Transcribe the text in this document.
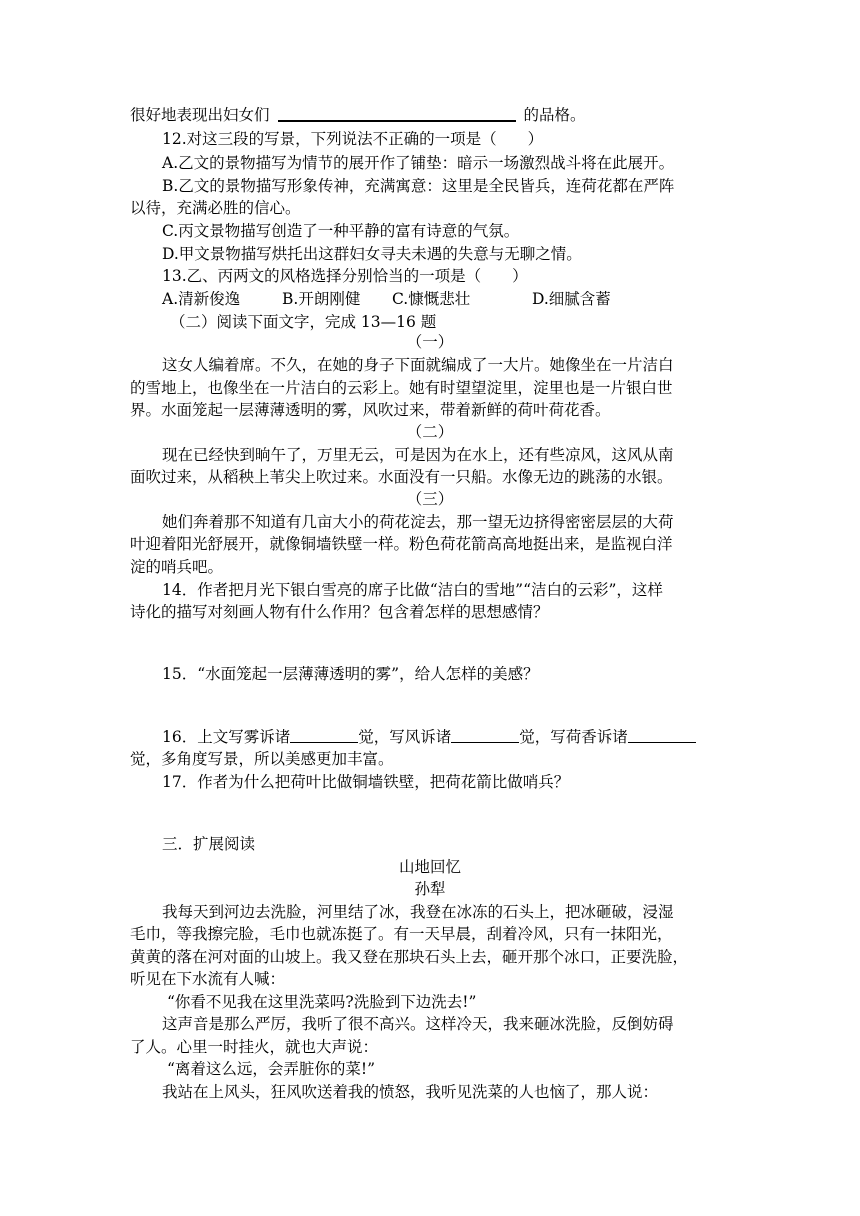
很好地表现出妇女们	的品格。
12.对这三段的写景，下列说法不正确的一项是（　　）
A.乙文的景物描写为情节的展开作了铺垫：暗示一场激烈战斗将在此展开。
B.乙文的景物描写形象传神，充满寓意：这里是全民皆兵，连荷花都在严阵
以待，充满必胜的信心。
C.丙文景物描写创造了一种平静的富有诗意的气氛。
D.甲文景物描写烘托出这群妇女寻夫未遇的失意与无聊之情。
13.乙、丙两文的风格选择分别恰当的一项是（　　）
A.清新俊逸	B.开朗刚健 C.慷慨悲壮	D.细腻含蓄
（二）阅读下面文字，完成 13—16 题
（一）
这女人编着席。不久，在她的身子下面就编成了一大片。她像坐在一片洁白
的雪地上，也像坐在一片洁白的云彩上。她有时望望淀里，淀里也是一片银白世
界。水面笼起一层薄薄透明的雾，风吹过来，带着新鲜的荷叶荷花香。
（二）
现在已经快到晌午了，万里无云，可是因为在水上，还有些凉风，这风从南
面吹过来，从稻秧上苇尖上吹过来。水面没有一只船。水像无边的跳荡的水银。
（三）
她们奔着那不知道有几亩大小的荷花淀去，那一望无边挤得密密层层的大荷
叶迎着阳光舒展开，就像铜墙铁壁一样。粉色荷花箭高高地挺出来，是监视白洋
淀的哨兵吧。
14．作者把月光下银白雪亮的席子比做“洁白的雪地”“洁白的云彩”，这样
诗化的描写对刻画人物有什么作用？包含着怎样的思想感情？
15．“水面笼起一层薄薄透明的雾”，给人怎样的美感？
16．上文写雾诉诸	觉，写风诉诸	觉，写荷香诉诸
觉，多角度写景，所以美感更加丰富。
17．作者为什么把荷叶比做铜墙铁壁，把荷花箭比做哨兵？
三．扩展阅读
山地回忆
孙犁
我每天到河边去洗脸，河里结了冰，我登在冰冻的石头上，把冰砸破，浸湿
毛巾，等我擦完脸，毛巾也就冻挺了。有一天早晨，刮着冷风，只有一抹阳光，
黄黄的落在河对面的山坡上。我又登在那块石头上去，砸开那个冰口，正要洗脸，
听见在下水流有人喊：
“你看不见我在这里洗菜吗?洗脸到下边洗去!”
这声音是那么严厉，我听了很不高兴。这样冷天，我来砸冰洗脸，反倒妨碍
了人。心里一时挂火，就也大声说：
“离着这么远，会弄脏你的菜!”
我站在上风头，狂风吹送着我的愤怒，我听见洗菜的人也恼了，那人说：
